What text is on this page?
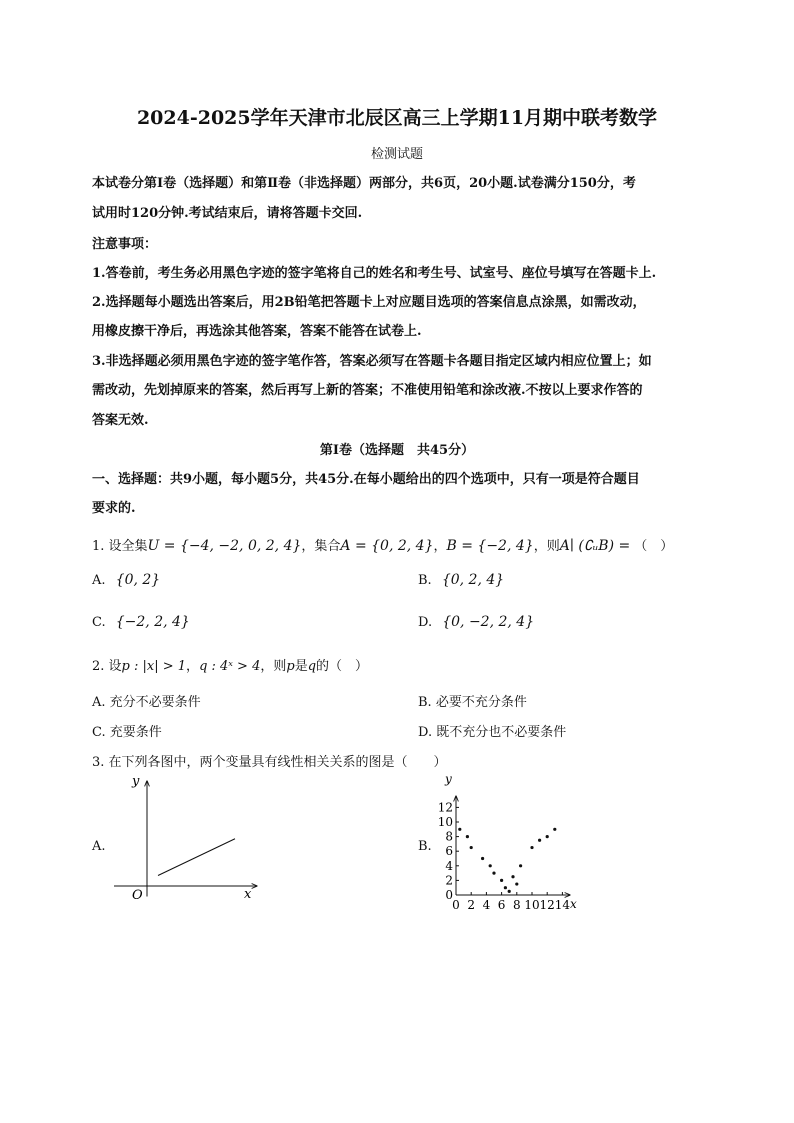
2024-2025学年天津市北辰区高三上学期11月期中联考数学
检测试题
本试卷分第Ⅰ卷（选择题）和第Ⅱ卷（非选择题）两部分，共6页，20小题.试卷满分150分，考
试用时120分钟.考试结束后，请将答题卡交回.
注意事项：
1.答卷前，考生务必用黑色字迹的签字笔将自己的姓名和考生号、试室号、座位号填写在答题卡上.
2.选择题每小题选出答案后，用2B铅笔把答题卡上对应题目选项的答案信息点涂黑，如需改动，
用橡皮擦干净后，再选涂其他答案，答案不能答在试卷上.
3.非选择题必须用黑色字迹的签字笔作答，答案必须写在答题卡各题目指定区域内相应位置上；如
需改动，先划掉原来的答案，然后再写上新的答案；不准使用铅笔和涂改液.不按以上要求作答的
答案无效.
第Ⅰ卷（选择题　共45分）
一、选择题：共9小题，每小题5分，共45分.在每小题给出的四个选项中，只有一项是符合题目
要求的.
1. 设全集U = {−4, −2, 0, 2, 4}，集合A = {0, 2, 4}，B = {−2, 4}，则A∣ (∁ᵤB) = （　）
A. {0, 2}	B. {0, 2, 4}
C. {−2, 2, 4}	D. {0, −2, 2, 4}
2. 设p : |x| > 1，q : 4ˣ > 4，则p是q的（　）
A. 充分不必要条件	B. 必要不充分条件
C. 充要条件	D. 既不充分也不必要条件
3. 在下列各图中，两个变量具有线性相关关系的图是（　　）
A.	B.
y
x
O	0
2
4
6
8
10
12
0 2 4 6 8 10 12 14
y
x
